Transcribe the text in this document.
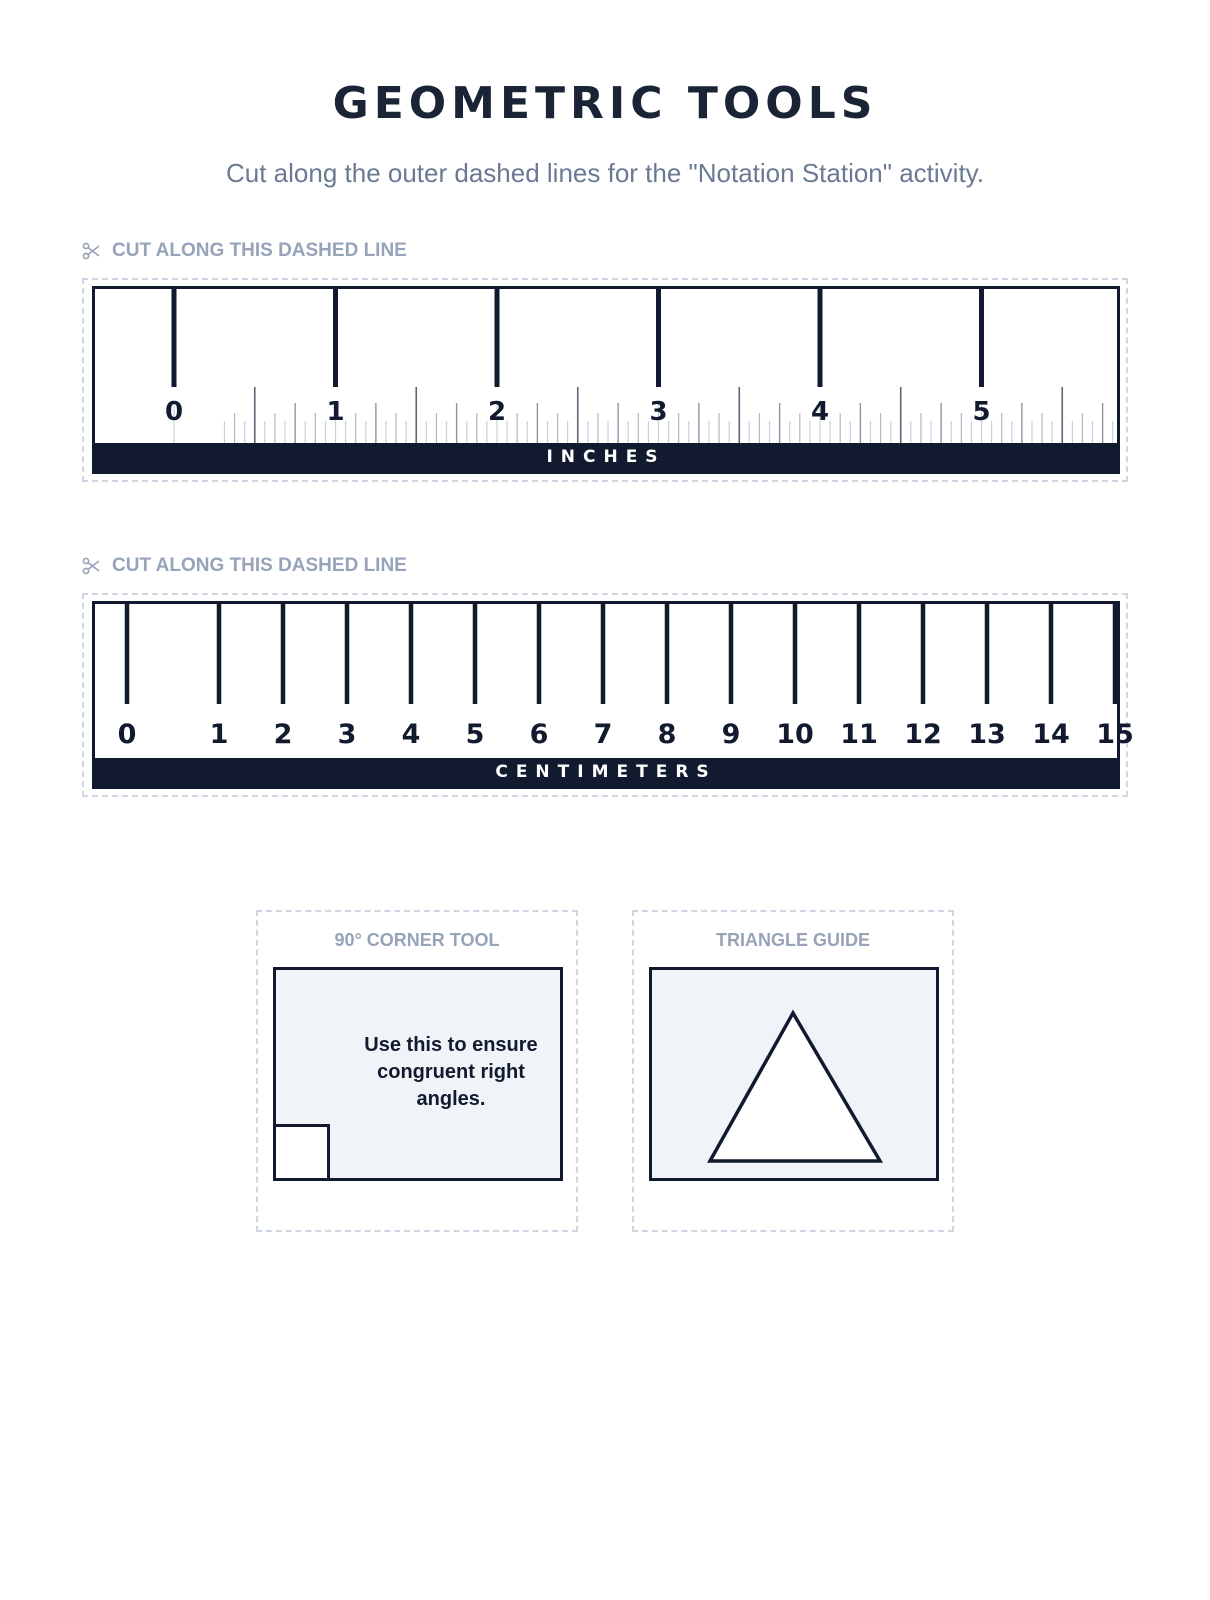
GEOMETRIC TOOLS
Cut along the outer dashed lines for the "Notation Station" activity.
CUT ALONG THIS DASHED LINE
0	1	2	3	4	5
INCHES
CUT ALONG THIS DASHED LINE
0	1 2 3 4 5 6 7 8 9 10 11 12 13 14 15
CENTIMETERS
90° CORNER TOOL
Use this to ensure congruent right angles.
TRIANGLE GUIDE
